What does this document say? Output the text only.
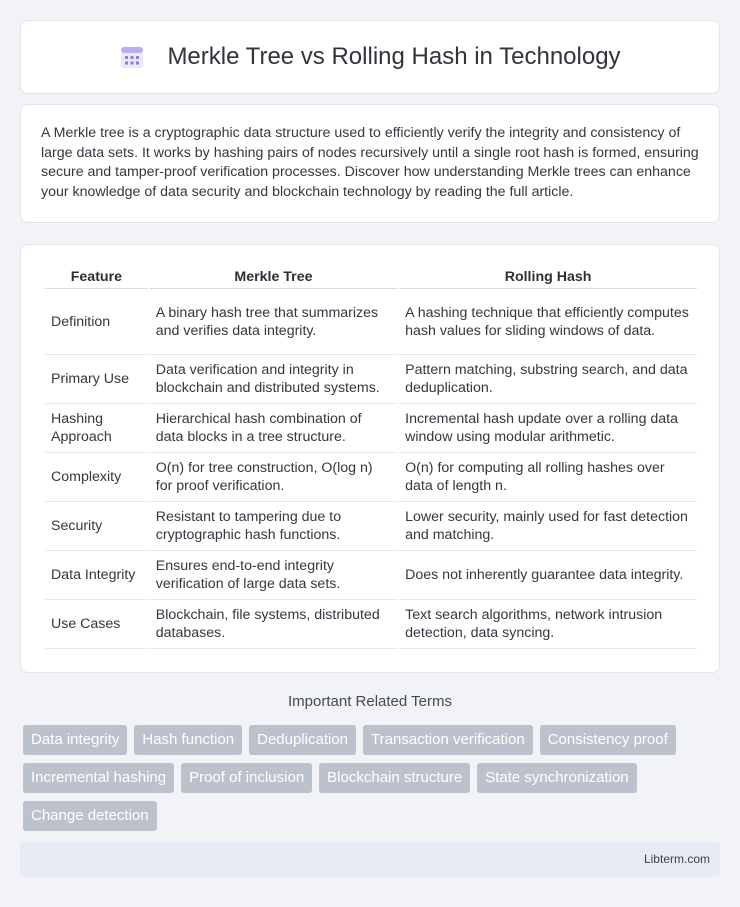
Merkle Tree vs Rolling Hash in Technology

A Merkle tree is a cryptographic data structure used to efficiently verify the integrity and consistency of large data sets. It works by hashing pairs of nodes recursively until a single root hash is formed, ensuring secure and tamper-proof verification processes. Discover how understanding Merkle trees can enhance your knowledge of data security and blockchain technology by reading the full article.

Feature	Merkle Tree	Rolling Hash
Definition	A binary hash tree that summarizes and verifies data integrity.	A hashing technique that efficiently computes hash values for sliding windows of data.
Primary Use	Data verification and integrity in blockchain and distributed systems.	Pattern matching, substring search, and data deduplication.
Hashing Approach	Hierarchical hash combination of data blocks in a tree structure.	Incremental hash update over a rolling data window using modular arithmetic.
Complexity	O(n) for tree construction, O(log n) for proof verification.	O(n) for computing all rolling hashes over data of length n.
Security	Resistant to tampering due to cryptographic hash functions.	Lower security, mainly used for fast detection and matching.
Data Integrity	Ensures end-to-end integrity verification of large data sets.	Does not inherently guarantee data integrity.
Use Cases	Blockchain, file systems, distributed databases.	Text search algorithms, network intrusion detection, data syncing.
Important Related Terms
Data integrity	Hash function	Deduplication	Transaction verification	Consistency proof
Incremental hashing	Proof of inclusion	Blockchain structure	State synchronization
Change detection
Libterm.com
